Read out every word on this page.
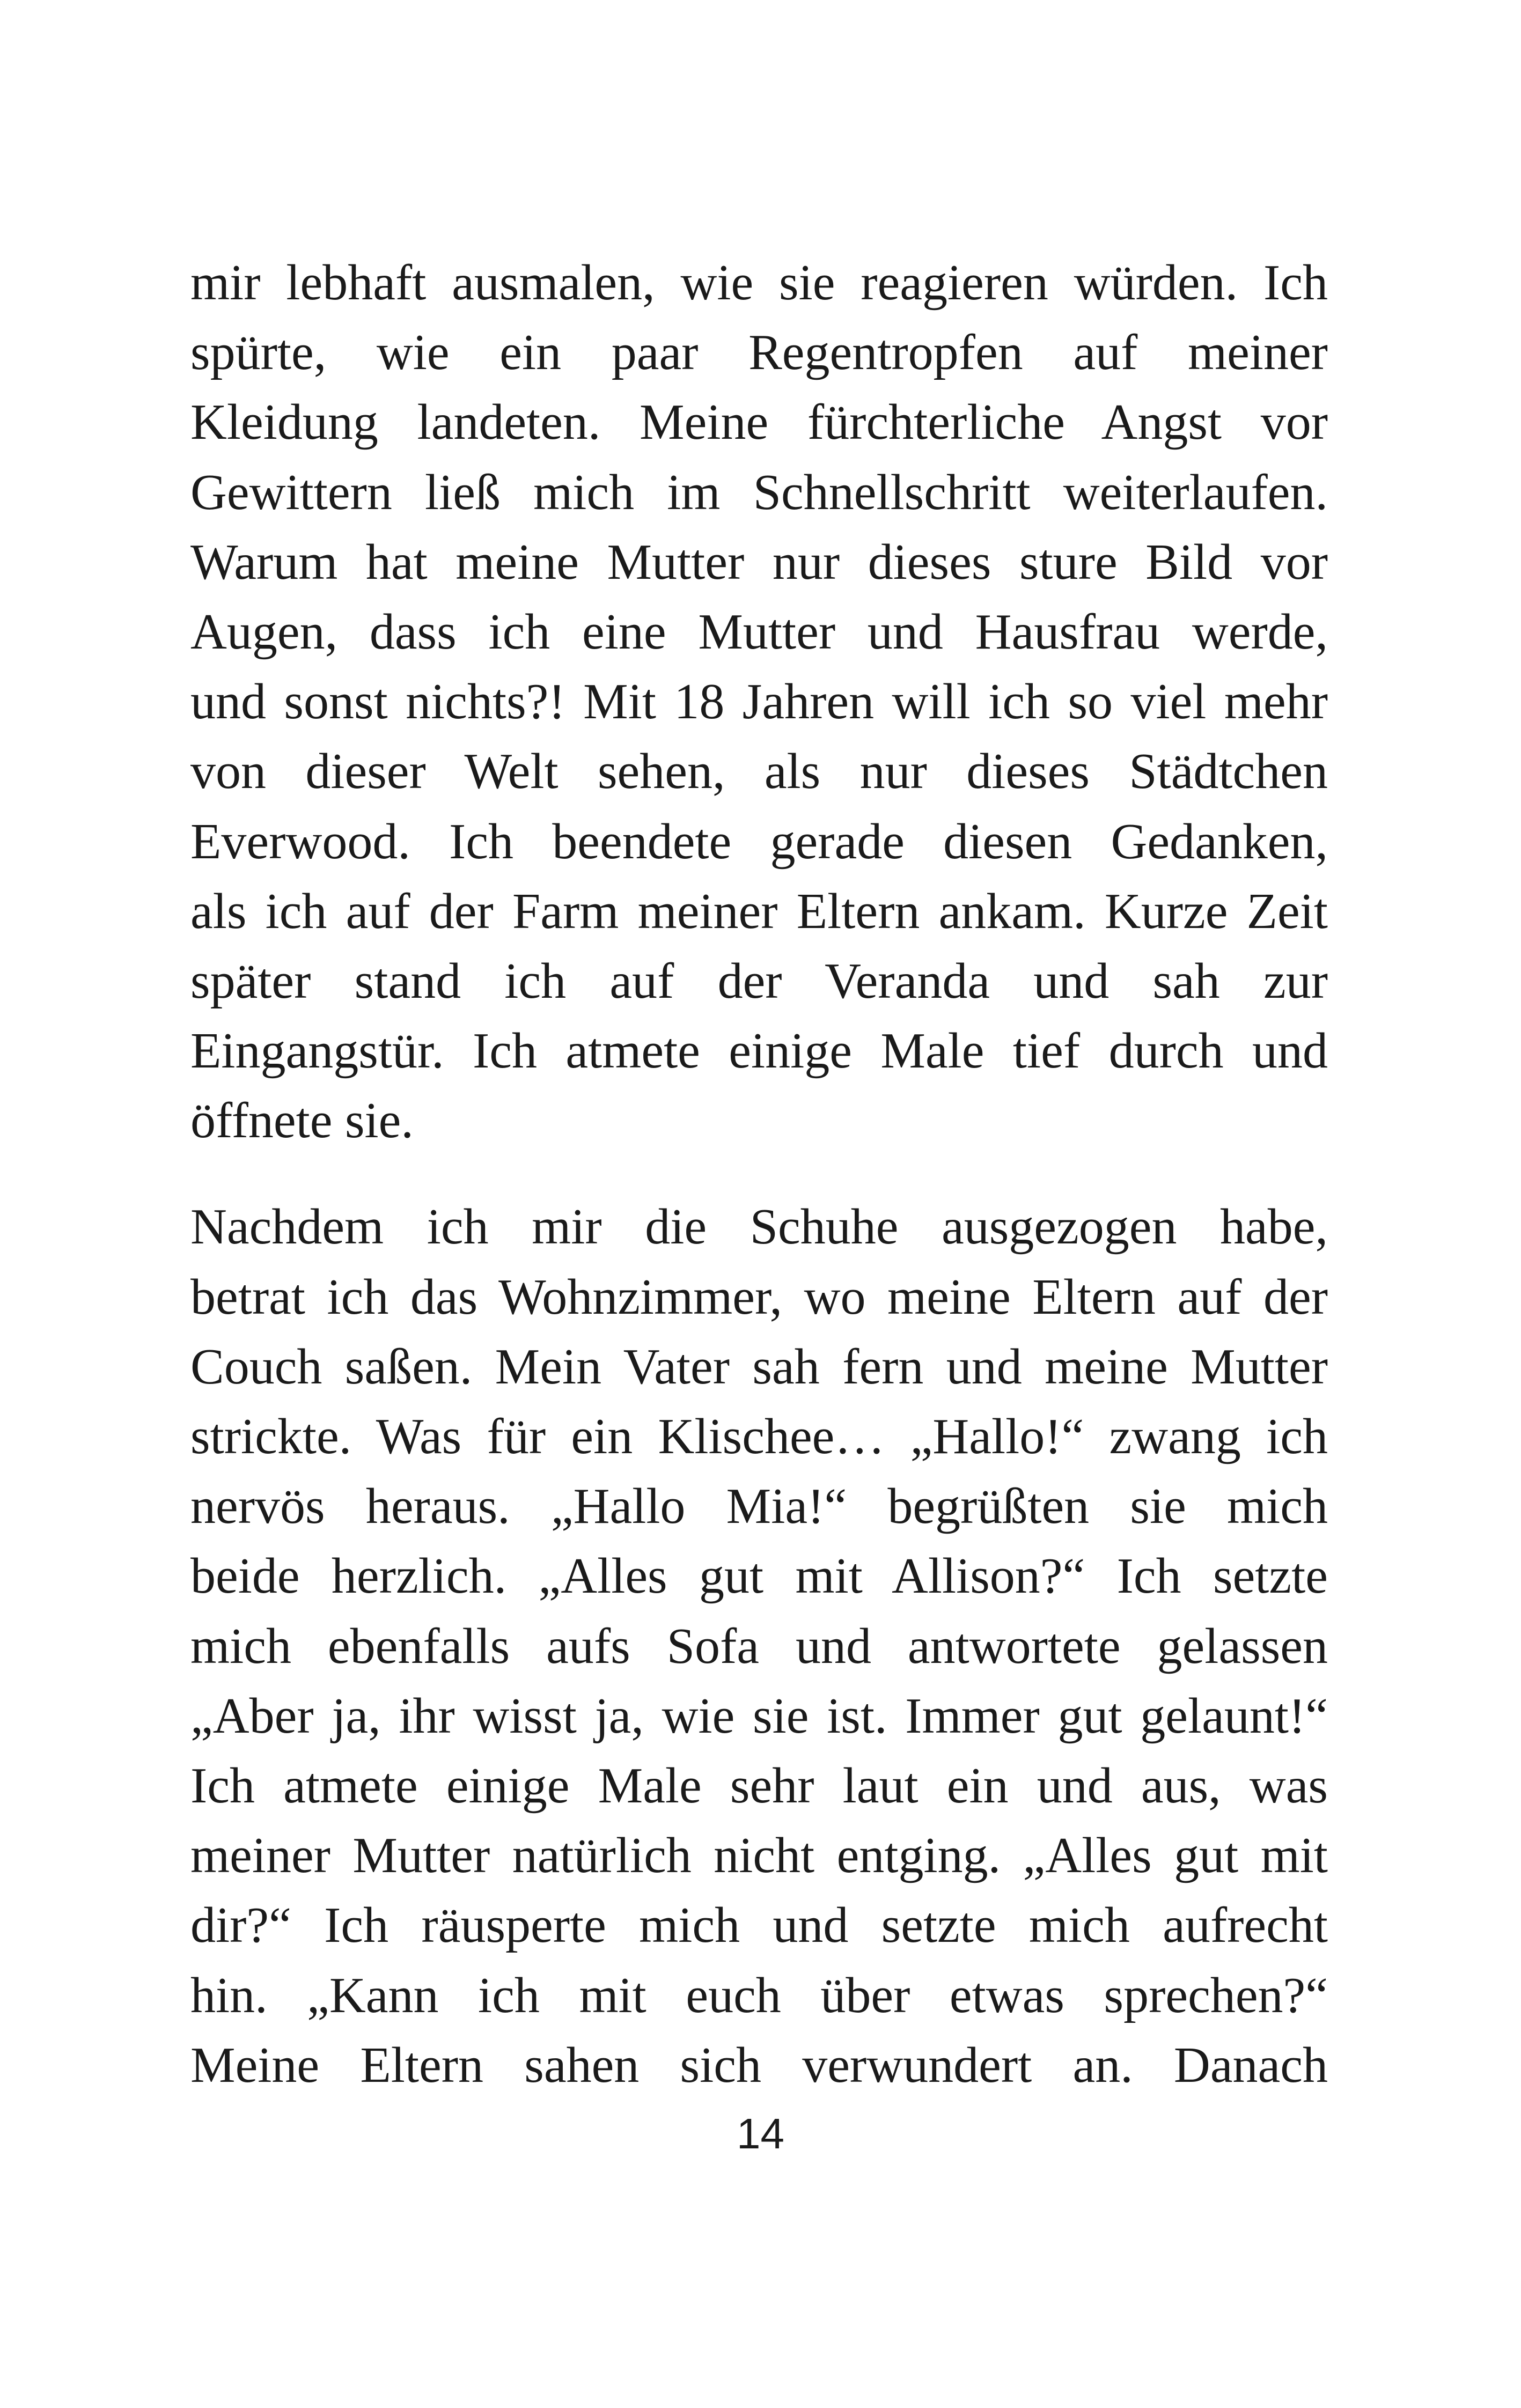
mir lebhaft ausmalen, wie sie reagieren würden. Ich
spürte, wie ein paar Regentropfen auf meiner
Kleidung landeten. Meine fürchterliche Angst vor
Gewittern ließ mich im Schnellschritt weiterlaufen.
Warum hat meine Mutter nur dieses sture Bild vor
Augen, dass ich eine Mutter und Hausfrau werde,
und sonst nichts?! Mit 18 Jahren will ich so viel mehr
von dieser Welt sehen, als nur dieses Städtchen
Everwood. Ich beendete gerade diesen Gedanken,
als ich auf der Farm meiner Eltern ankam. Kurze Zeit
später stand ich auf der Veranda und sah zur
Eingangstür. Ich atmete einige Male tief durch und
öffnete sie.

Nachdem ich mir die Schuhe ausgezogen habe,
betrat ich das Wohnzimmer, wo meine Eltern auf der
Couch saßen. Mein Vater sah fern und meine Mutter
strickte. Was für ein Klischee… „Hallo!“ zwang ich
nervös heraus. „Hallo Mia!“ begrüßten sie mich
beide herzlich. „Alles gut mit Allison?“ Ich setzte
mich ebenfalls aufs Sofa und antwortete gelassen
„Aber ja, ihr wisst ja, wie sie ist. Immer gut gelaunt!“
Ich atmete einige Male sehr laut ein und aus, was
meiner Mutter natürlich nicht entging. „Alles gut mit
dir?“ Ich räusperte mich und setzte mich aufrecht
hin. „Kann ich mit euch über etwas sprechen?“
Meine Eltern sahen sich verwundert an. Danach

14
